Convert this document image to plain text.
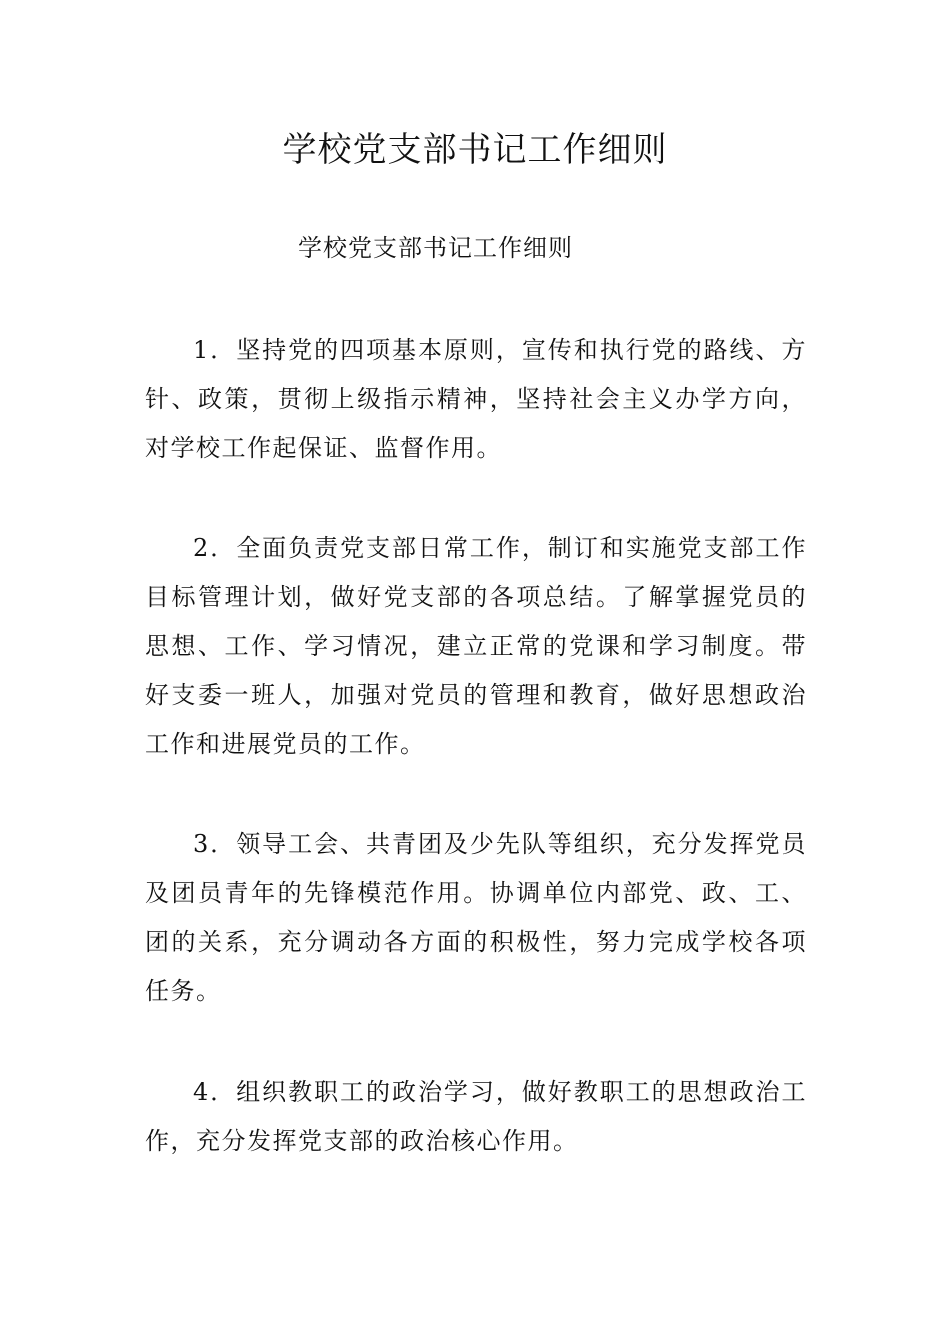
学校党支部书记工作细则

学校党支部书记工作细则

1．坚持党的四项基本原则，宣传和执行党的路线、方针、政策，贯彻上级指示精神，坚持社会主义办学方向，对学校工作起保证、监督作用。

2．全面负责党支部日常工作，制订和实施党支部工作目标管理计划，做好党支部的各项总结。了解掌握党员的思想、工作、学习情况，建立正常的党课和学习制度。带好支委一班人，加强对党员的管理和教育，做好思想政治工作和进展党员的工作。

3．领导工会、共青团及少先队等组织，充分发挥党员及团员青年的先锋模范作用。协调单位内部党、政、工、团的关系，充分调动各方面的积极性，努力完成学校各项任务。

4．组织教职工的政治学习，做好教职工的思想政治工作，充分发挥党支部的政治核心作用。
